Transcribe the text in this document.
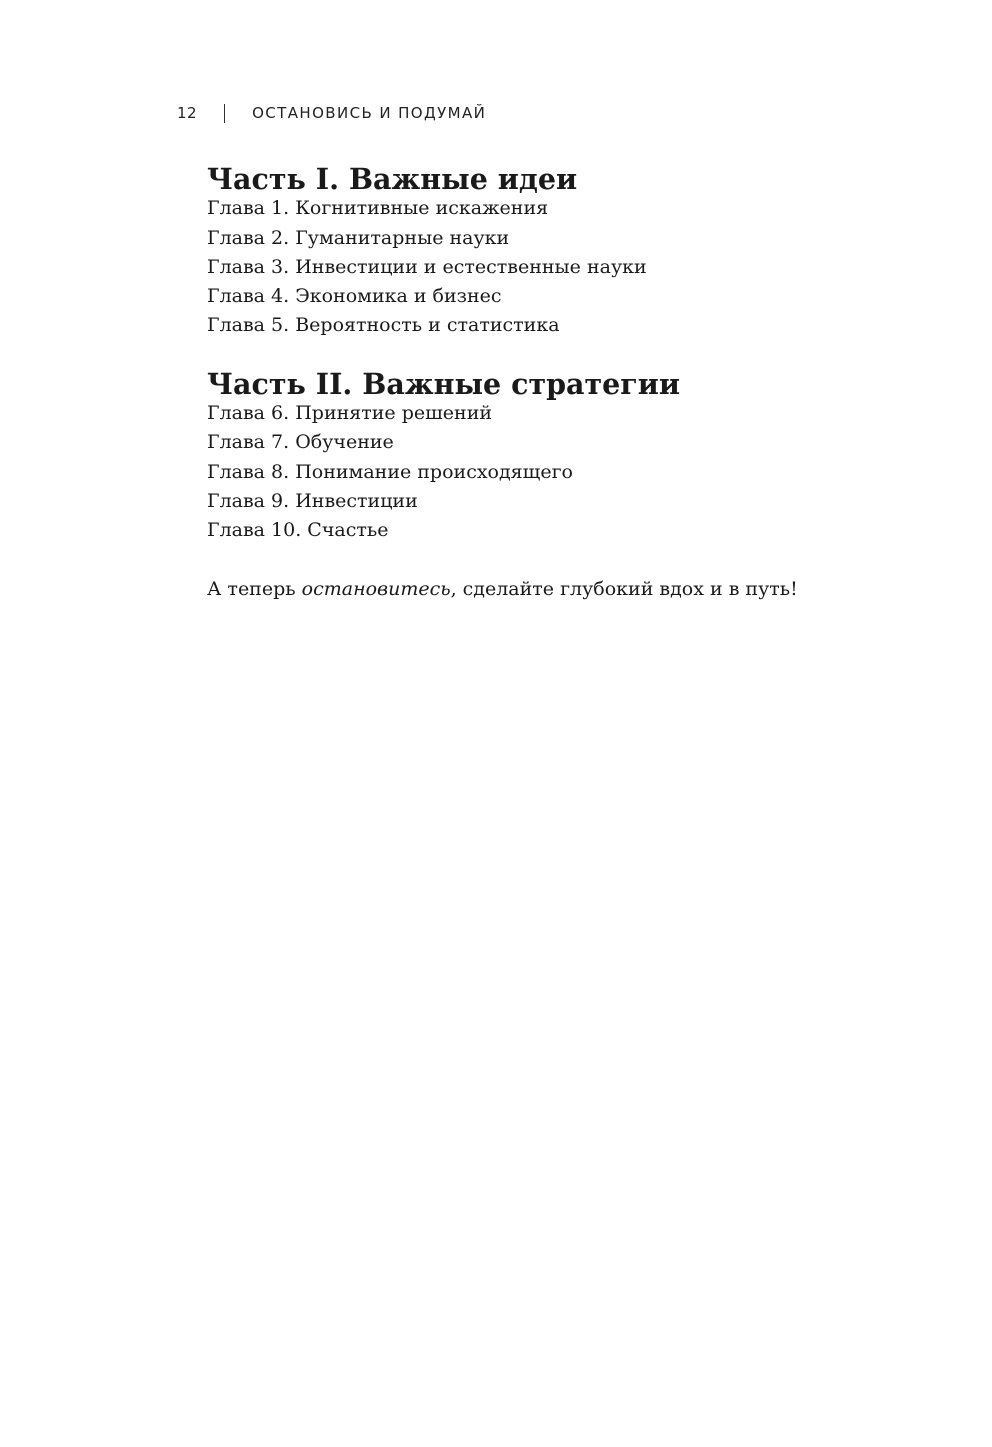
12	ОСТАНОВИСЬ И ПОДУМАЙ
Часть I. Важные идеи
Глава 1. Когнитивные искажения
Глава 2. Гуманитарные науки
Глава 3. Инвестиции и естественные науки
Глава 4. Экономика и бизнес
Глава 5. Вероятность и статистика
Часть II. Важные стратегии
Глава 6. Принятие решений
Глава 7. Обучение
Глава 8. Понимание происходящего
Глава 9. Инвестиции
Глава 10. Счастье

А теперь остановитесь, сделайте глубокий вдох и в путь!
